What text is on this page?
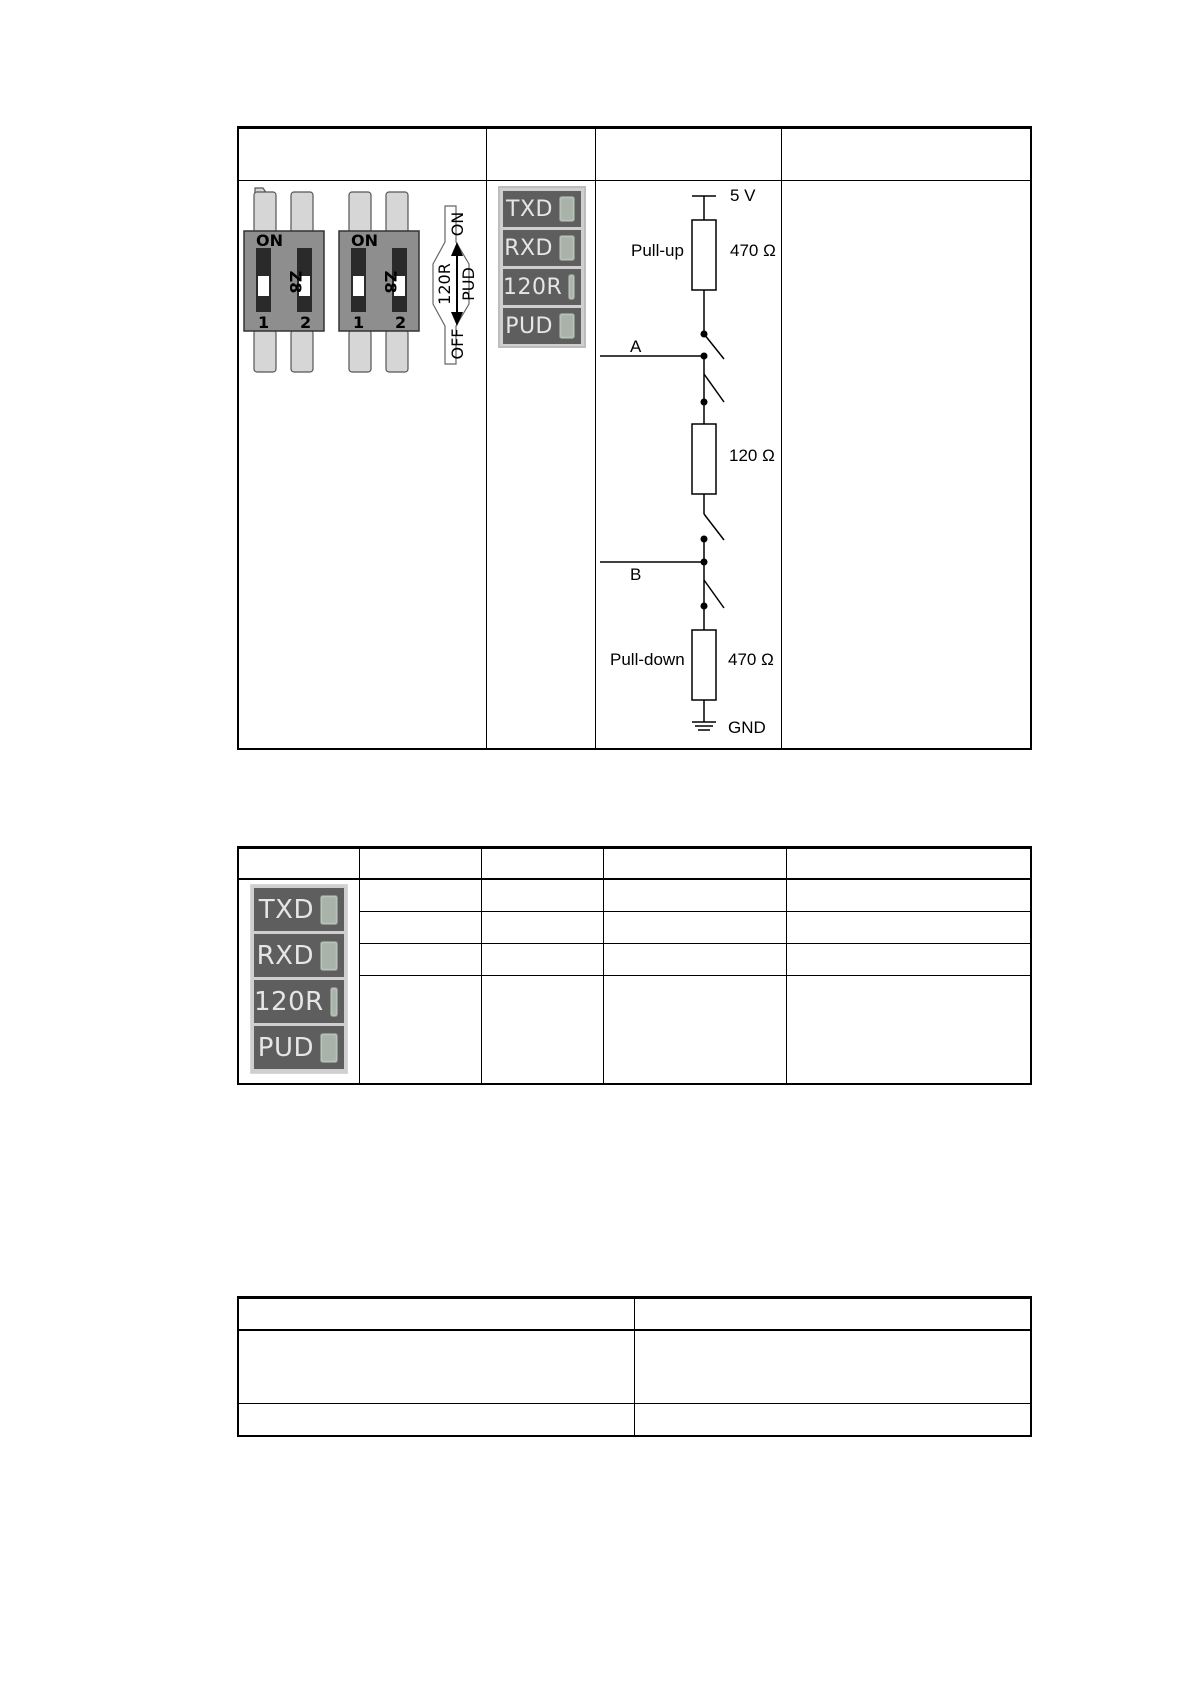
ON
Z8
1 2
ON
Z8
1 2
ON
120R PUD
OFF
TXD
RXD
120R
PUD
5 V
Pull-up	470 Ω
A
120 Ω
B
Pull-down	470 Ω
GND
TXD
RXD
120R
PUD
